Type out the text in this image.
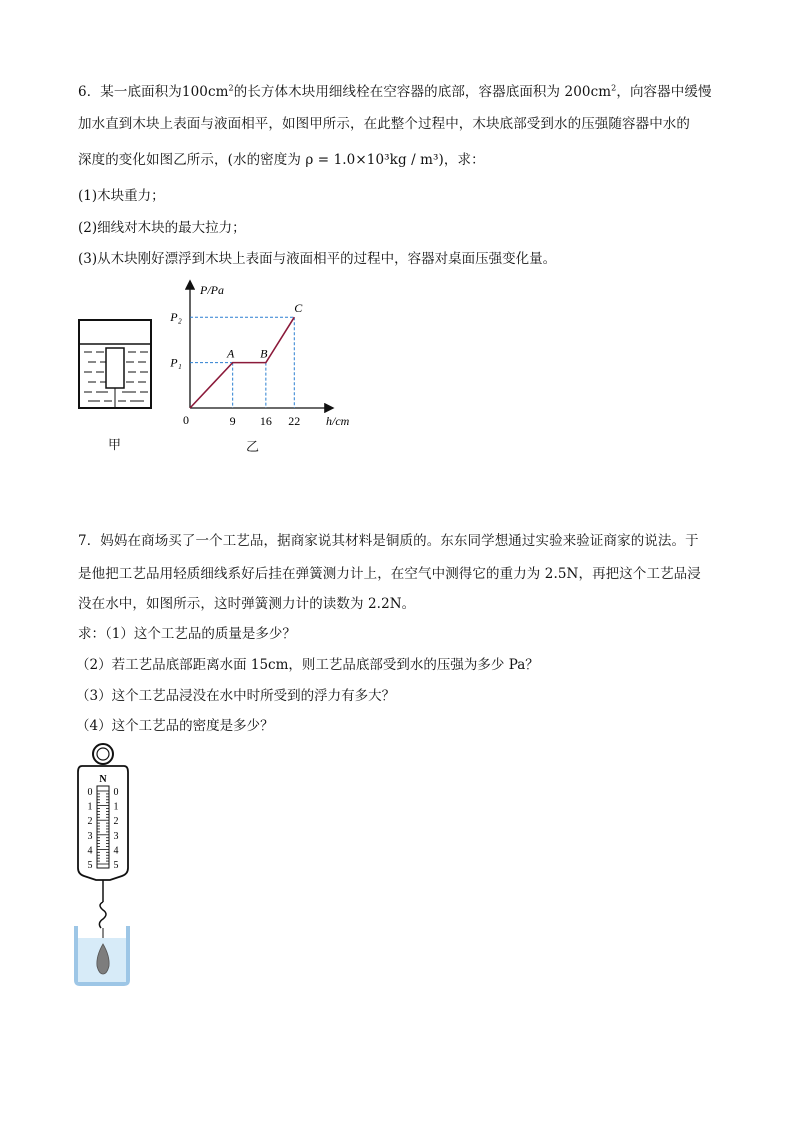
6．某一底面积为$100cm^2$的长方体木块用细线栓在空容器的底部，容器底面积为 $200cm^2$，向容器中缓慢
加水直到木块上表面与液面相平，如图甲所示，在此整个过程中，木块底部受到水的压强随容器中水的
深度的变化如图乙所示，(水的密度为 ρ = 1.0×10³kg / m³)，求：
(1)木块重力；
(2)细线对木块的最大拉力；
(3)从木块刚好漂浮到木块上表面与液面相平的过程中，容器对桌面压强变化量。
甲
P/Pa
h/cm
0
P₁
P₂
A B
C
9 16 22
乙
7．妈妈在商场买了一个工艺品，据商家说其材料是铜质的。东东同学想通过实验来验证商家的说法。于
是他把工艺品用轻质细线系好后挂在弹簧测力计上，在空气中测得它的重力为 2.5N，再把这个工艺品浸
没在水中，如图所示，这时弹簧测力计的读数为 2.2N。
求：（1）这个工艺品的质量是多少？
（2）若工艺品底部距离水面 15cm，则工艺品底部受到水的压强为多少 Pa？
（3）这个工艺品浸没在水中时所受到的浮力有多大？
（4）这个工艺品的密度是多少？
N
0 0
1 1
2 2
3 3
4 4
5 5
